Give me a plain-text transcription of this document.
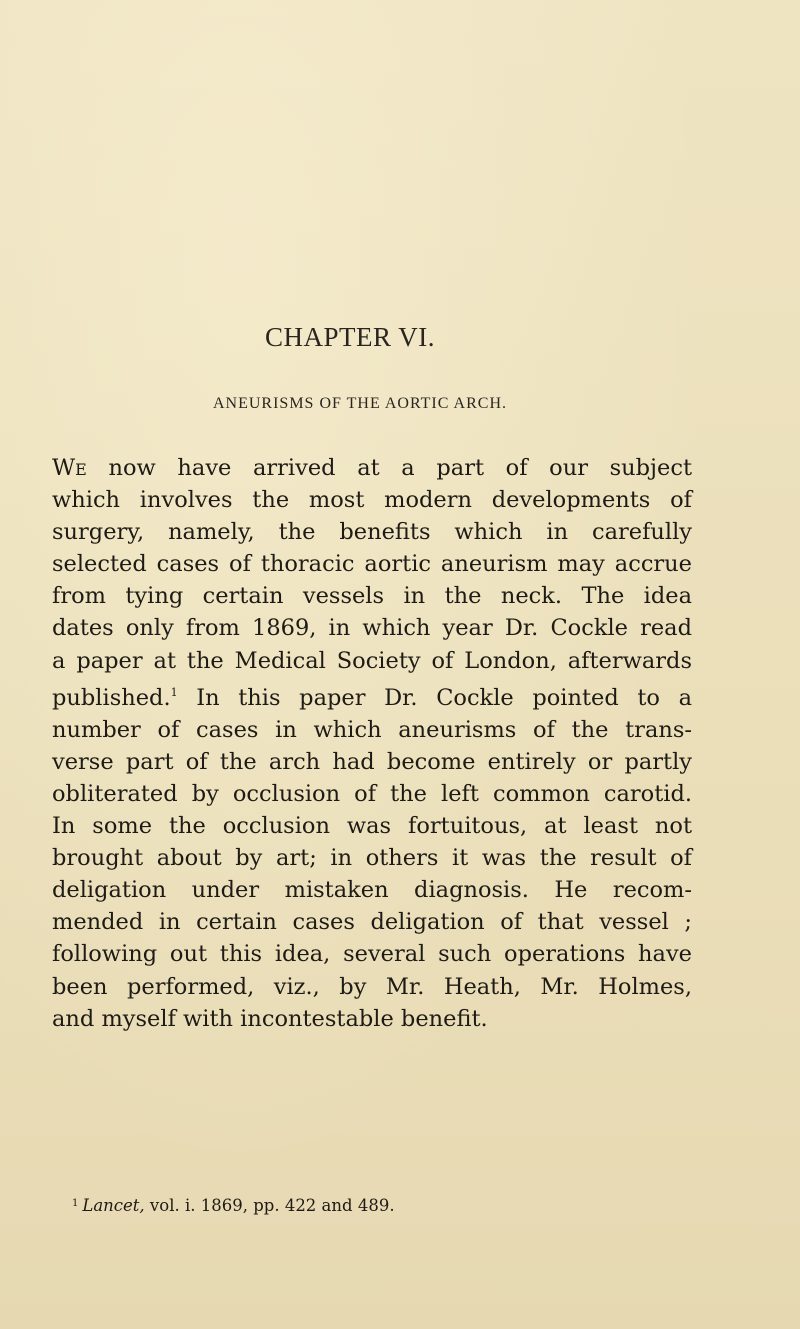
CHAPTER VI.
ANEURISMS OF THE AORTIC ARCH.
We now have arrived at a part of our subject
which involves the most modern developments of
surgery, namely, the benefits which in carefully
selected cases of thoracic aortic aneurism may accrue
from tying certain vessels in the neck. The idea
dates only from 1869, in which year Dr. Cockle read
a paper at the Medical Society of London, afterwards
published.$^1$ In this paper Dr. Cockle pointed to a
number of cases in which aneurisms of the trans-
verse part of the arch had become entirely or partly
obliterated by occlusion of the left common carotid.
In some the occlusion was fortuitous, at least not
brought about by art; in others it was the result of
deligation under mistaken diagnosis. He recom-
mended in certain cases deligation of that vessel ;
following out this idea, several such operations have
been performed, viz., by Mr. Heath, Mr. Holmes,
and myself with incontestable benefit.
$^1$ Lancet, vol. i. 1869, pp. 422 and 489.
